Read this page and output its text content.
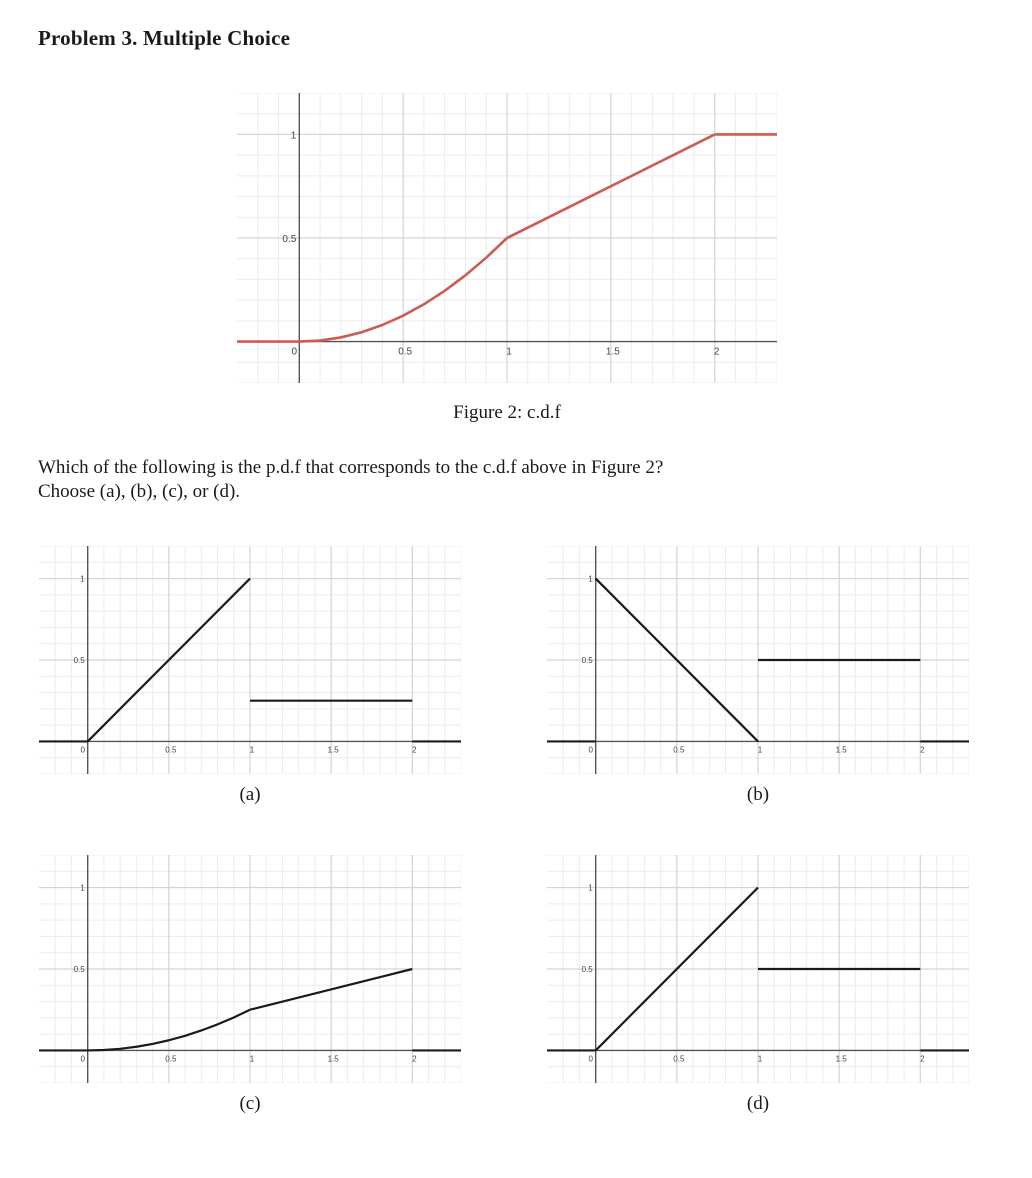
Problem 3. Multiple Choice
0	0.5	1	1.5	2
0.5
1
Figure 2: c.d.f
Which of the following is the p.d.f that corresponds to the c.d.f above in Figure 2?
Choose (a), (b), (c), or (d).
0	0.5	1	1.5	2
0.5
1
(a)
0	0.5	1	1.5	2
0.5
1
(b)
0	0.5	1	1.5	2
0.5
1
(c)
0	0.5	1	1.5	2
0.5
1
(d)
